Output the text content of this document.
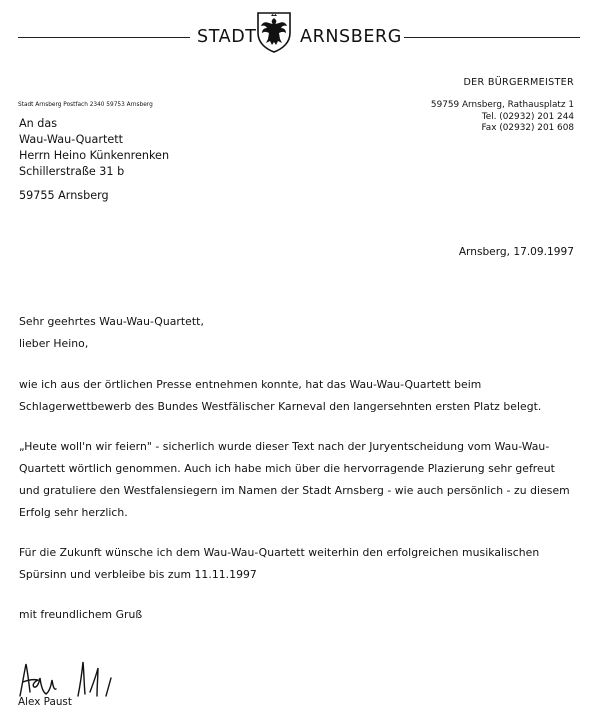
STADT ARNSBERG
DER BÜRGERMEISTER
Stadt Arnsberg Postfach 2340 59753 Arnsberg	59759 Arnsberg, Rathausplatz 1
Tel. (02932) 201 244
Fax (02932) 201 608
An das
Wau-Wau-Quartett
Herrn Heino Künkenrenken
Schillerstraße 31 b
59755 Arnsberg
Arnsberg, 17.09.1997
Sehr geehrtes Wau-Wau-Quartett,
lieber Heino,
wie ich aus der örtlichen Presse entnehmen konnte, hat das Wau-Wau-Quartett beim Schlagerwettbewerb des Bundes Westfälischer Karneval den langersehnten ersten Platz belegt.
„Heute woll'n wir feiern" - sicherlich wurde dieser Text nach der Juryentscheidung vom Wau-Wau-Quartett wörtlich genommen. Auch ich habe mich über die hervorragende Plazierung sehr gefreut und gratuliere den Westfalensiegern im Namen der Stadt Arnsberg - wie auch persönlich - zu diesem Erfolg sehr herzlich.
Für die Zukunft wünsche ich dem Wau-Wau-Quartett weiterhin den erfolgreichen musikalischen Spürsinn und verbleibe bis zum 11.11.1997
mit freundlichem Gruß
Alex Paust
